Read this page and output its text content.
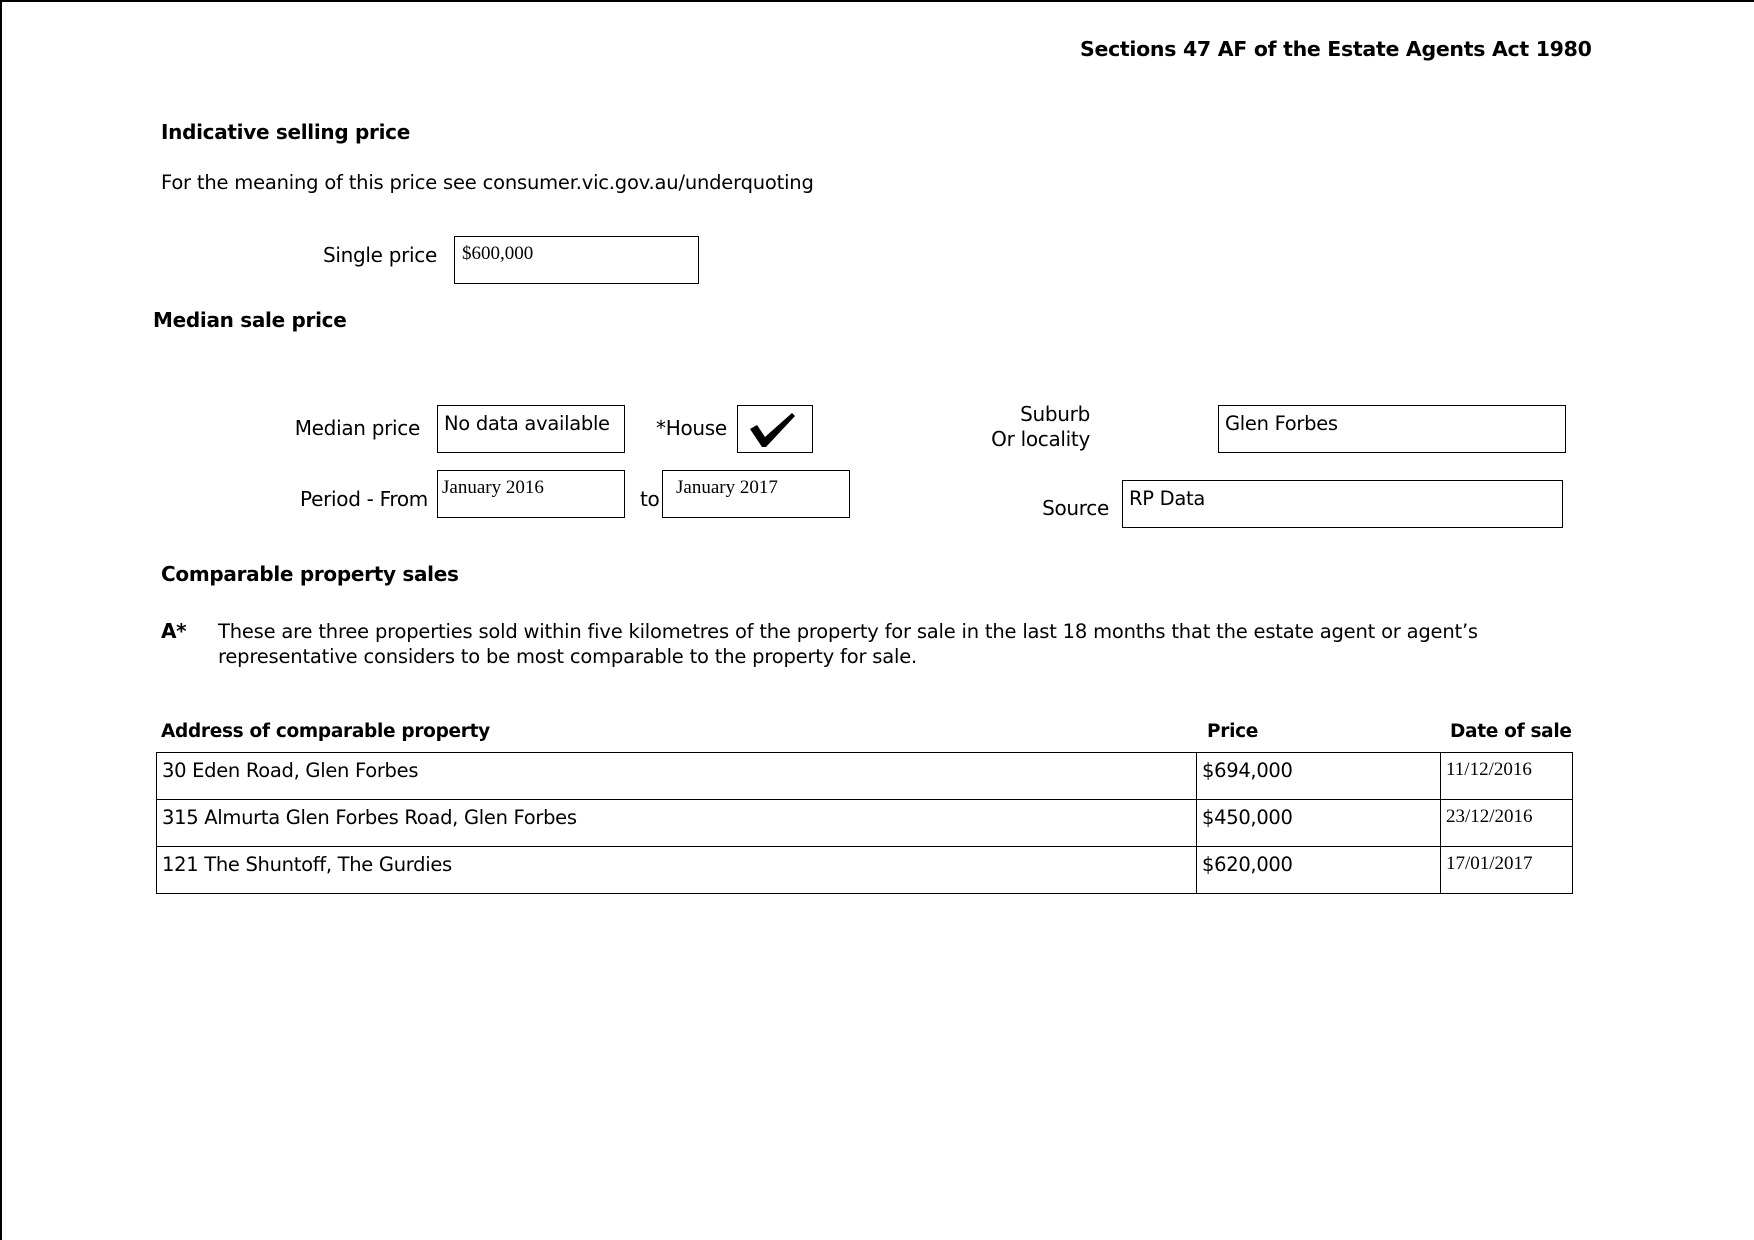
Sections 47 AF of the Estate Agents Act 1980
Indicative selling price
For the meaning of this price see consumer.vic.gov.au/underquoting
Single price $600,000
Median sale price
Median price No data available *House
Suburb
Or locality
Glen Forbes
Period - From January 2016	to January 2017
Source RP Data
Comparable property sales
A* These are three properties sold within five kilometres of the property for sale in the last 18 months that the estate agent or agent’s
representative considers to be most comparable to the property for sale.
Address of comparable property	Price	Date of sale
30 Eden Road, Glen Forbes	$694,000	11/12/2016
315 Almurta Glen Forbes Road, Glen Forbes	$450,000	23/12/2016
121 The Shuntoff, The Gurdies	$620,000	17/01/2017
